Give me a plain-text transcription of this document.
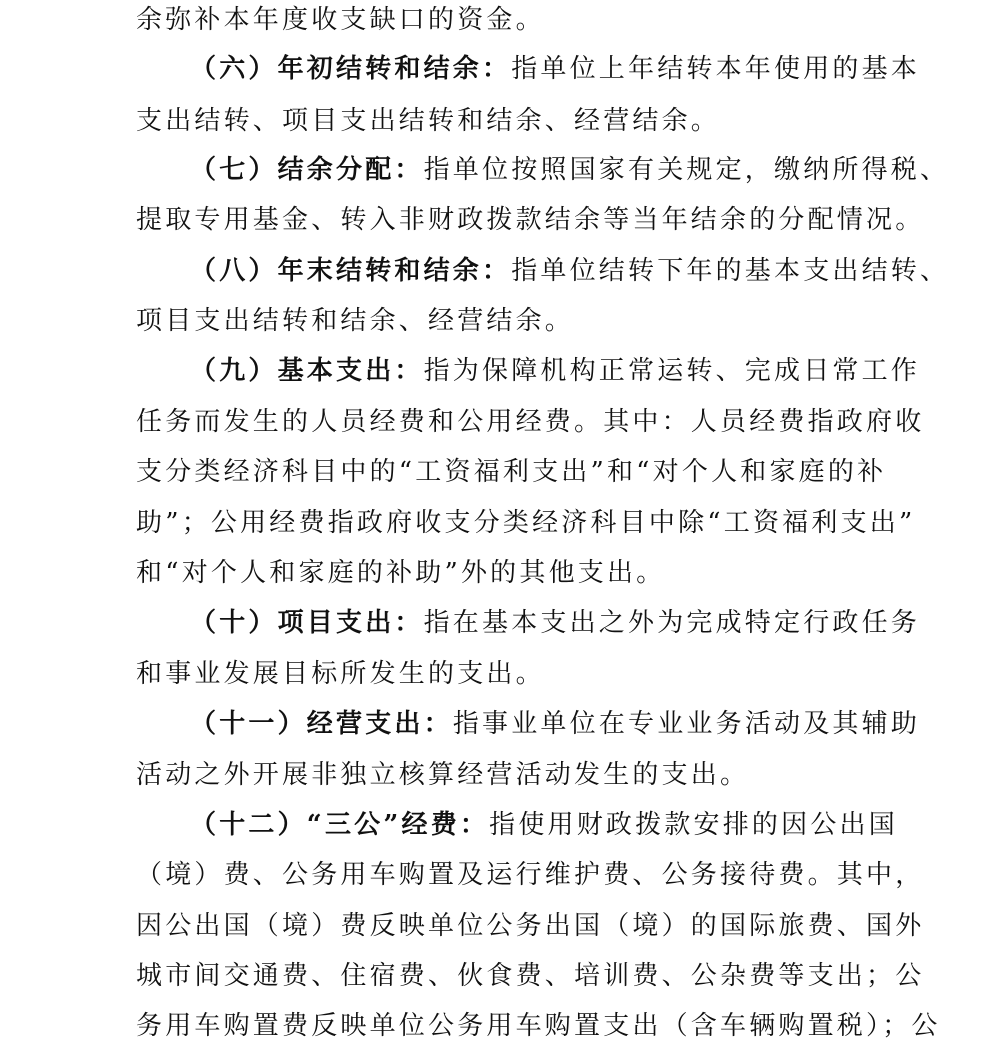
余弥补本年度收支缺口的资金。
（六）年初结转和结余：指单位上年结转本年使用的基本
支出结转、项目支出结转和结余、经营结余。
（七）结余分配：指单位按照国家有关规定，缴纳所得税、
提取专用基金、转入非财政拨款结余等当年结余的分配情况。
（八）年末结转和结余：指单位结转下年的基本支出结转、
项目支出结转和结余、经营结余。
（九）基本支出：指为保障机构正常运转、完成日常工作
任务而发生的人员经费和公用经费。其中：人员经费指政府收
支分类经济科目中的“工资福利支出”和“对个人和家庭的补
助”；公用经费指政府收支分类经济科目中除“工资福利支出”
和“对个人和家庭的补助”外的其他支出。
（十）项目支出：指在基本支出之外为完成特定行政任务
和事业发展目标所发生的支出。
（十一）经营支出：指事业单位在专业业务活动及其辅助
活动之外开展非独立核算经营活动发生的支出。
（十二）“三公”经费：指使用财政拨款安排的因公出国
（境）费、公务用车购置及运行维护费、公务接待费。其中，
因公出国（境）费反映单位公务出国（境）的国际旅费、国外
城市间交通费、住宿费、伙食费、培训费、公杂费等支出；公
务用车购置费反映单位公务用车购置支出（含车辆购置税）；公
